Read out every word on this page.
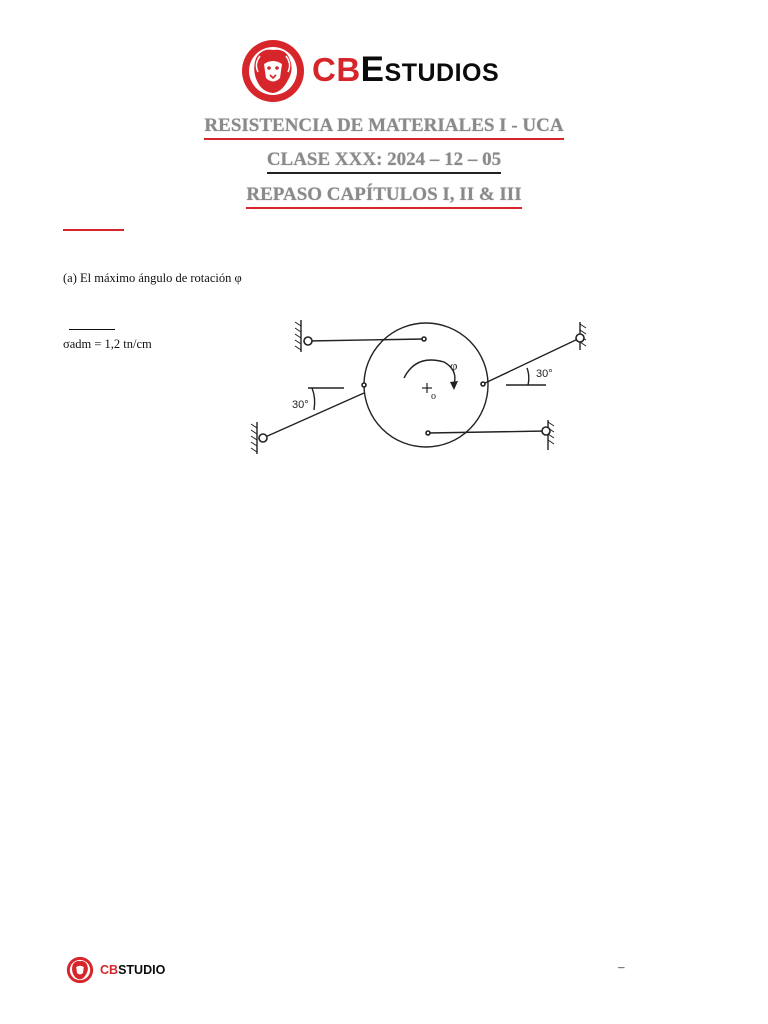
CBEstudios
RESISTENCIA DE MATERIALES I - UCA
CLASE XXX: 2024 – 12 – 05
REPASO CAPÍTULOS I, II & III
(a) El máximo ángulo de rotación φ
σadm = 1,2 tn/cm
o
φ
30°
30°
CBSTUDIO	–
